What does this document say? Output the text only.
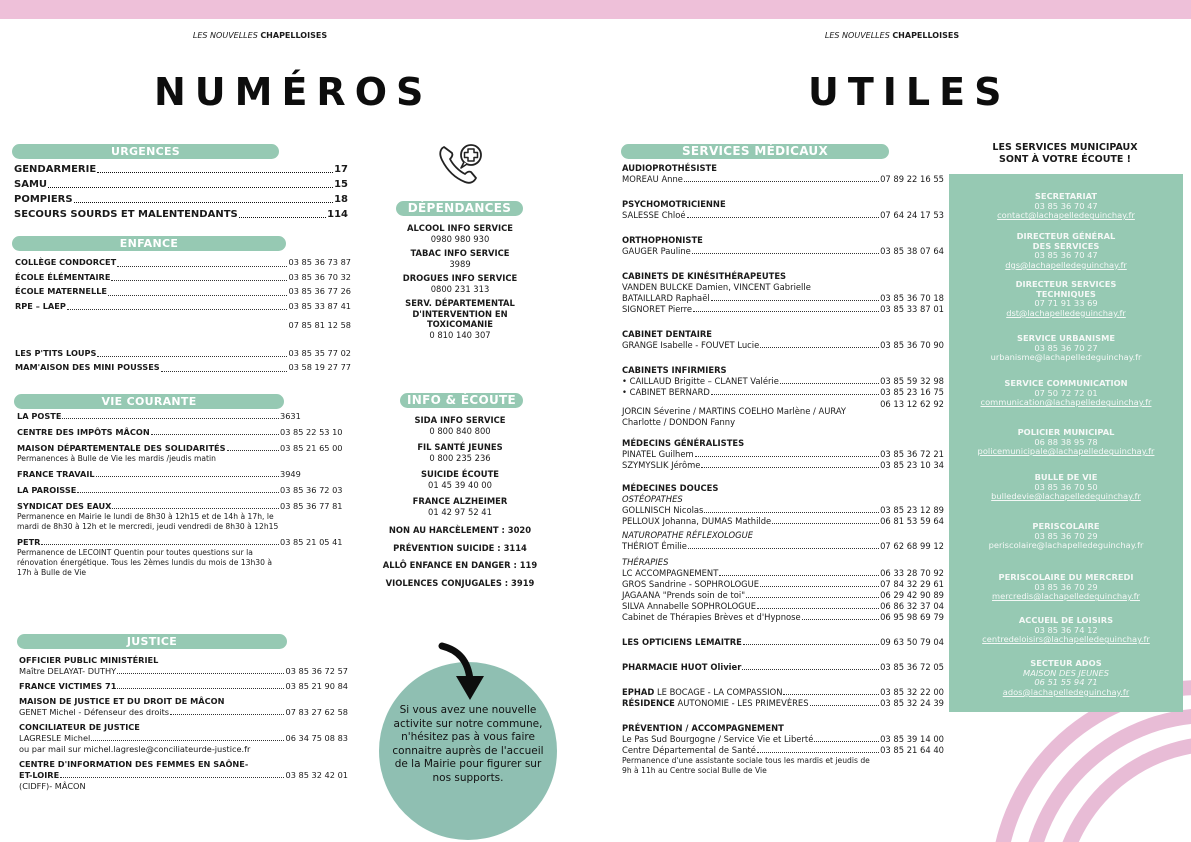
LES NOUVELLES CHAPELLOISES	LES NOUVELLES CHAPELLOISES
NUMÉROS	UTILES
URGENCES
GENDARMERIE	17
SAMU	15
POMPIERS	18
SECOURS SOURDS ET MALENTENDANTS	114
ENFANCE
COLLÈGE CONDORCET	03 85 36 73 87
ÉCOLE ÉLÉMENTAIRE	03 85 36 70 32
ÉCOLE MATERNELLE	03 85 36 77 26
RPE – LAEP	03 85 33 87 41
07 85 81 12 58
LES P'TITS LOUPS	03 85 35 77 02
MAM'AISON DES MINI POUSSES	03 58 19 27 77
VIE COURANTE
LA POSTE	3631
CENTRE DES IMPÔTS MÂCON	03 85 22 53 10
MAISON DÉPARTEMENTALE DES SOLIDARITÉS	03 85 21 65 00
Permanences à Bulle de Vie les mardis /jeudis matin
FRANCE TRAVAIL	3949
LA PAROISSE	03 85 36 72 03
SYNDICAT DES EAUX	03 85 36 77 81
Permanence en Mairie le lundi de 8h30 à 12h15 et de 14h à 17h, le mardi de 8h30 à 12h et le mercredi, jeudi vendredi de 8h30 à 12h15
PETR	03 85 21 05 41
Permanence de LECOINT Quentin pour toutes questions sur la rénovation énergétique. Tous les 2èmes lundis du mois de 13h30 à 17h à Bulle de Vie
JUSTICE
OFFICIER PUBLIC MINISTÉRIEL
Maître DELAYAT- DUTHY	03 85 36 72 57
FRANCE VICTIMES 71	03 85 21 90 84
MAISON DE JUSTICE ET DU DROIT DE MÂCON
GENET Michel - Défenseur des droits	07 83 27 62 58
CONCILIATEUR DE JUSTICE
LAGRESLE Michel	06 34 75 08 83
ou par mail sur michel.lagresle@conciliateurde-justice.fr
CENTRE D'INFORMATION DES FEMMES EN SAÔNE-
ET-LOIRE	03 85 32 42 01
(CIDFF)- MÂCON
DÉPENDANCES
ALCOOL INFO SERVICE
0980 980 930
TABAC INFO SERVICE
3989
DROGUES INFO SERVICE
0800 231 313
SERV. DÉPARTEMENTAL D'INTERVENTION EN TOXICOMANIE
0 810 140 307
INFO & ÉCOUTE
SIDA INFO SERVICE
0 800 840 800
FIL SANTÉ JEUNES
0 800 235 236
SUICIDE ÉCOUTE
01 45 39 40 00
FRANCE ALZHEIMER
01 42 97 52 41
NON AU HARCÈLEMENT : 3020
PRÉVENTION SUICIDE : 3114
ALLÔ ENFANCE EN DANGER : 119
VIOLENCES CONJUGALES : 3919
Si vous avez une nouvelle activite sur notre commune, n'hésitez pas à vous faire connaitre auprès de l'accueil de la Mairie pour figurer sur nos supports.
SERVICES MÉDICAUX
AUDIOPROTHÉSISTE
MOREAU Anne	07 89 22 16 55
PSYCHOMOTRICIENNE
SALESSE Chloé	07 64 24 17 53
ORTHOPHONISTE
GAUGER Pauline	03 85 38 07 64
CABINETS DE KINÉSITHÉRAPEUTES
VANDEN BULCKE Damien, VINCENT Gabrielle
BATAILLARD Raphaël	03 85 36 70 18
SIGNORET Pierre	03 85 33 87 01
CABINET DENTAIRE
GRANGE Isabelle - FOUVET Lucie	03 85 36 70 90
CABINETS INFIRMIERS
• CAILLAUD Brigitte – CLANET Valérie	03 85 59 32 98
• CABINET BERNARD	03 85 23 16 75
06 13 12 62 92
JORCIN Séverine / MARTINS COELHO Marlène / AURAY Charlotte / DONDON Fanny
MÉDECINS GÉNÉRALISTES
PINATEL Guilhem	03 85 36 72 21
SZYMYSLIK Jérôme	03 85 23 10 34
MÉDECINES DOUCES
OSTÉOPATHES
GOLLNISCH Nicolas	03 85 23 12 89
PELLOUX Johanna, DUMAS Mathilde	06 81 53 59 64
NATUROPATHE RÉFLEXOLOGUE
THÉRIOT Émilie	07 62 68 99 12
THÉRAPIES
LC ACCOMPAGNEMENT	06 33 28 70 92
GROS Sandrine - SOPHROLOGUE	07 84 32 29 61
JAGAANA "Prends soin de toi"	06 29 42 90 89
SILVA Annabelle SOPHROLOGUE	06 86 32 37 04
Cabinet de Thérapies Brèves et d'Hypnose	06 95 98 69 79
LES OPTICIENS LEMAITRE	09 63 50 79 04
PHARMACIE HUOT Olivier	03 85 36 72 05
EPHAD LE BOCAGE - LA COMPASSION	03 85 32 22 00
RÉSIDENCE AUTONOMIE - LES PRIMEVÈRES	03 85 32 24 39
PRÉVENTION / ACCOMPAGNEMENT
Le Pas Sud Bourgogne / Service Vie et Liberté	03 85 39 14 00
Centre Départemental de Santé	03 85 21 64 40
Permanence d'une assistante sociale tous les mardis et jeudis de 9h à 11h au Centre social Bulle de Vie
LES SERVICES MUNICIPAUX
SONT À VOTRE ÉCOUTE !
SECRETARIAT
03 85 36 70 47
contact@lachapelledeguinchay.fr
DIRECTEUR GÉNÉRAL
DES SERVICES
03 85 36 70 47
dgs@lachapelledeguinchay.fr
DIRECTEUR SERVICES
TECHNIQUES
07 71 91 33 69
dst@lachapelledeguinchay.fr
SERVICE URBANISME
03 85 36 70 27
urbanisme@lachapelledeguinchay.fr
SERVICE COMMUNICATION
07 50 72 72 01
communication@lachapelledeguinchay.fr
POLICIER MUNICIPAL
06 88 38 95 78
policemunicipale@lachapelledeguinchay.fr
BULLE DE VIE
03 85 36 70 50
bulledevie@lachapelledeguinchay.fr
PERISCOLAIRE
03 85 36 70 29
periscolaire@lachapelledeguinchay.fr
PERISCOLAIRE DU MERCREDI
03 85 36 70 29
mercredis@lachapelledeguinchay.fr
ACCUEIL DE LOISIRS
03 85 36 74 12
centredeloisirs@lachapelledeguinchay.fr
SECTEUR ADOS
MAISON DES JEUNES
06 51 55 94 71
ados@lachapelledeguinchay.fr
